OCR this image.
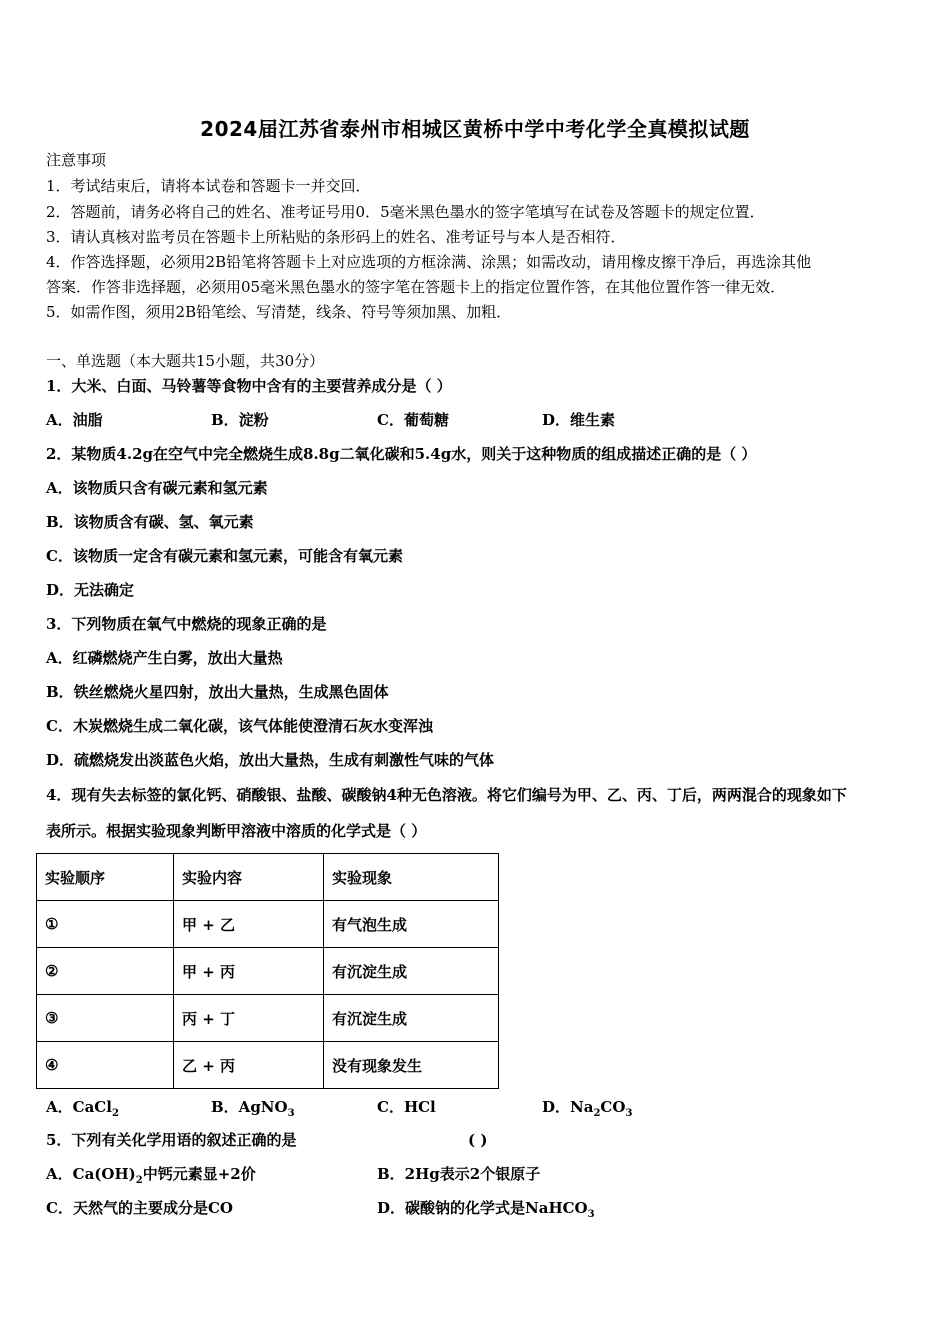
2024届江苏省泰州市相城区黄桥中学中考化学全真模拟试题
注意事项
1．考试结束后，请将本试卷和答题卡一并交回．
2．答题前，请务必将自己的姓名、准考证号用0．5毫米黑色墨水的签字笔填写在试卷及答题卡的规定位置．
3．请认真核对监考员在答题卡上所粘贴的条形码上的姓名、准考证号与本人是否相符．
4．作答选择题，必须用2B铅笔将答题卡上对应选项的方框涂满、涂黑；如需改动，请用橡皮擦干净后，再选涂其他
答案．作答非选择题，必须用05毫米黑色墨水的签字笔在答题卡上的指定位置作答，在其他位置作答一律无效．
5．如需作图，须用2B铅笔绘、写清楚，线条、符号等须加黑、加粗．
一、单选题（本大题共15小题，共30分）
1．大米、白面、马铃薯等食物中含有的主要营养成分是（ ）
A．油脂	B．淀粉	C．葡萄糖	D．维生素
2．某物质4.2g在空气中完全燃烧生成8.8g二氧化碳和5.4g水，则关于这种物质的组成描述正确的是（ ）
A．该物质只含有碳元素和氢元素
B．该物质含有碳、氢、氧元素
C．该物质一定含有碳元素和氢元素，可能含有氧元素
D．无法确定
3．下列物质在氧气中燃烧的现象正确的是
A．红磷燃烧产生白雾，放出大量热
B．铁丝燃烧火星四射，放出大量热，生成黑色固体
C．木炭燃烧生成二氧化碳，该气体能使澄清石灰水变浑浊
D．硫燃烧发出淡蓝色火焰，放出大量热，生成有刺激性气味的气体
4．现有失去标签的氯化钙、硝酸银、盐酸、碳酸钠4种无色溶液。将它们编号为甲、乙、丙、丁后，两两混合的现象如下
表所示。根据实验现象判断甲溶液中溶质的化学式是（ ）
实验顺序	实验内容	实验现象
①	甲 + 乙	有气泡生成
②	甲 + 丙	有沉淀生成
③	丙 + 丁	有沉淀生成
④	乙 + 丙	没有现象发生
A．CaCl$_2$	B．AgNO$_3$	C．HCl	D．$Na_2CO_3$
5．下列有关化学用语的叙述正确的是	( )
A．$Ca(OH)_2$中钙元素显+2价	B．2Hg表示2个银原子
C．天然气的主要成分是CO	D．碳酸钠的化学式是NaHCO$_3$
